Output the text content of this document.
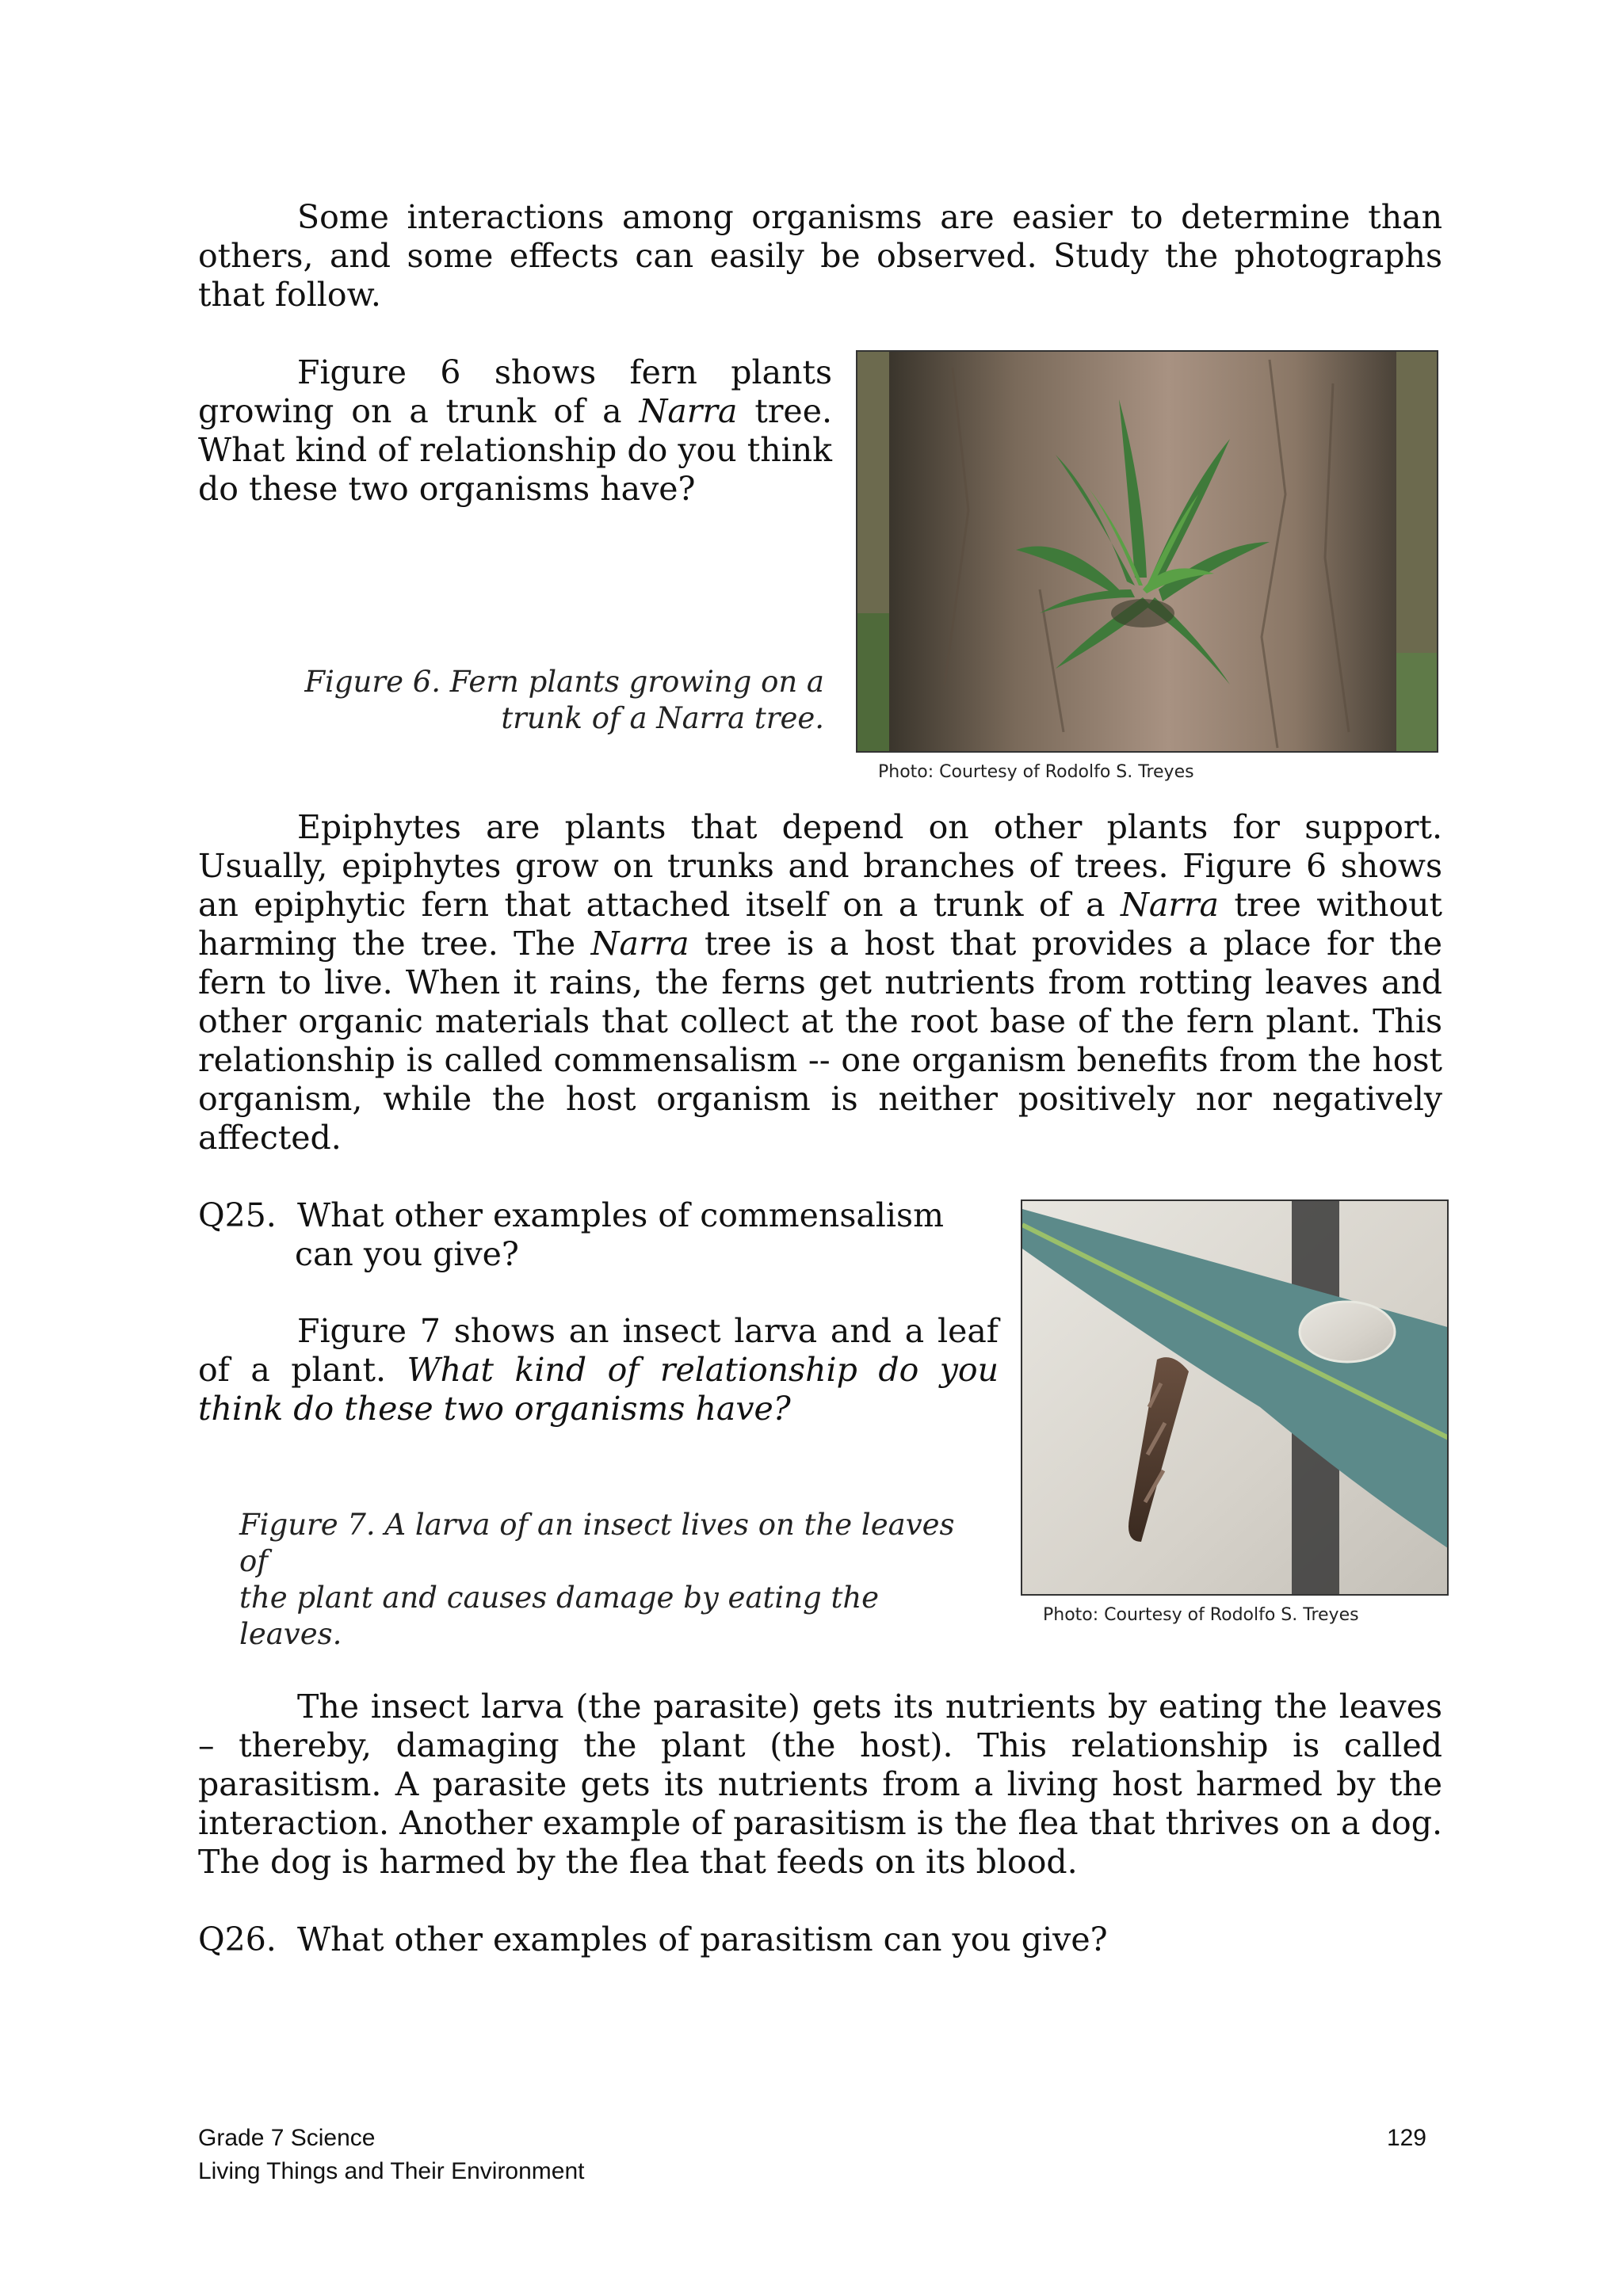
Some interactions among organisms are easier to determine than others, and some effects can easily be observed. Study the photographs that follow.

Figure 6 shows fern plants growing on a trunk of a Narra tree. What kind of relationship do you think do these two organisms have?

Figure 6. Fern plants growing on a
trunk of a Narra tree.
Photo: Courtesy of Rodolfo S. Treyes

Epiphytes are plants that depend on other plants for support. Usually, epiphytes grow on trunks and branches of trees. Figure 6 shows an epiphytic fern that attached itself on a trunk of a Narra tree without harming the tree. The Narra tree is a host that provides a place for the fern to live. When it rains, the ferns get nutrients from rotting leaves and other organic materials that collect at the root base of the fern plant. This relationship is called commensalism -- one organism benefits from the host organism, while the host organism is neither positively nor negatively affected.

Q25. What other examples of commensalism
can you give?

Figure 7 shows an insect larva and a leaf of a plant. What kind of relationship do you think do these two organisms have?

Figure 7. A larva of an insect lives on the leaves of
the plant and causes damage by eating the leaves.
Photo: Courtesy of Rodolfo S. Treyes

The insect larva (the parasite) gets its nutrients by eating the leaves – thereby, damaging the plant (the host). This relationship is called parasitism. A parasite gets its nutrients from a living host harmed by the interaction. Another example of parasitism is the flea that thrives on a dog. The dog is harmed by the flea that feeds on its blood.

Q26. What other examples of parasitism can you give?
Grade 7 Science
Living Things and Their Environment
129
